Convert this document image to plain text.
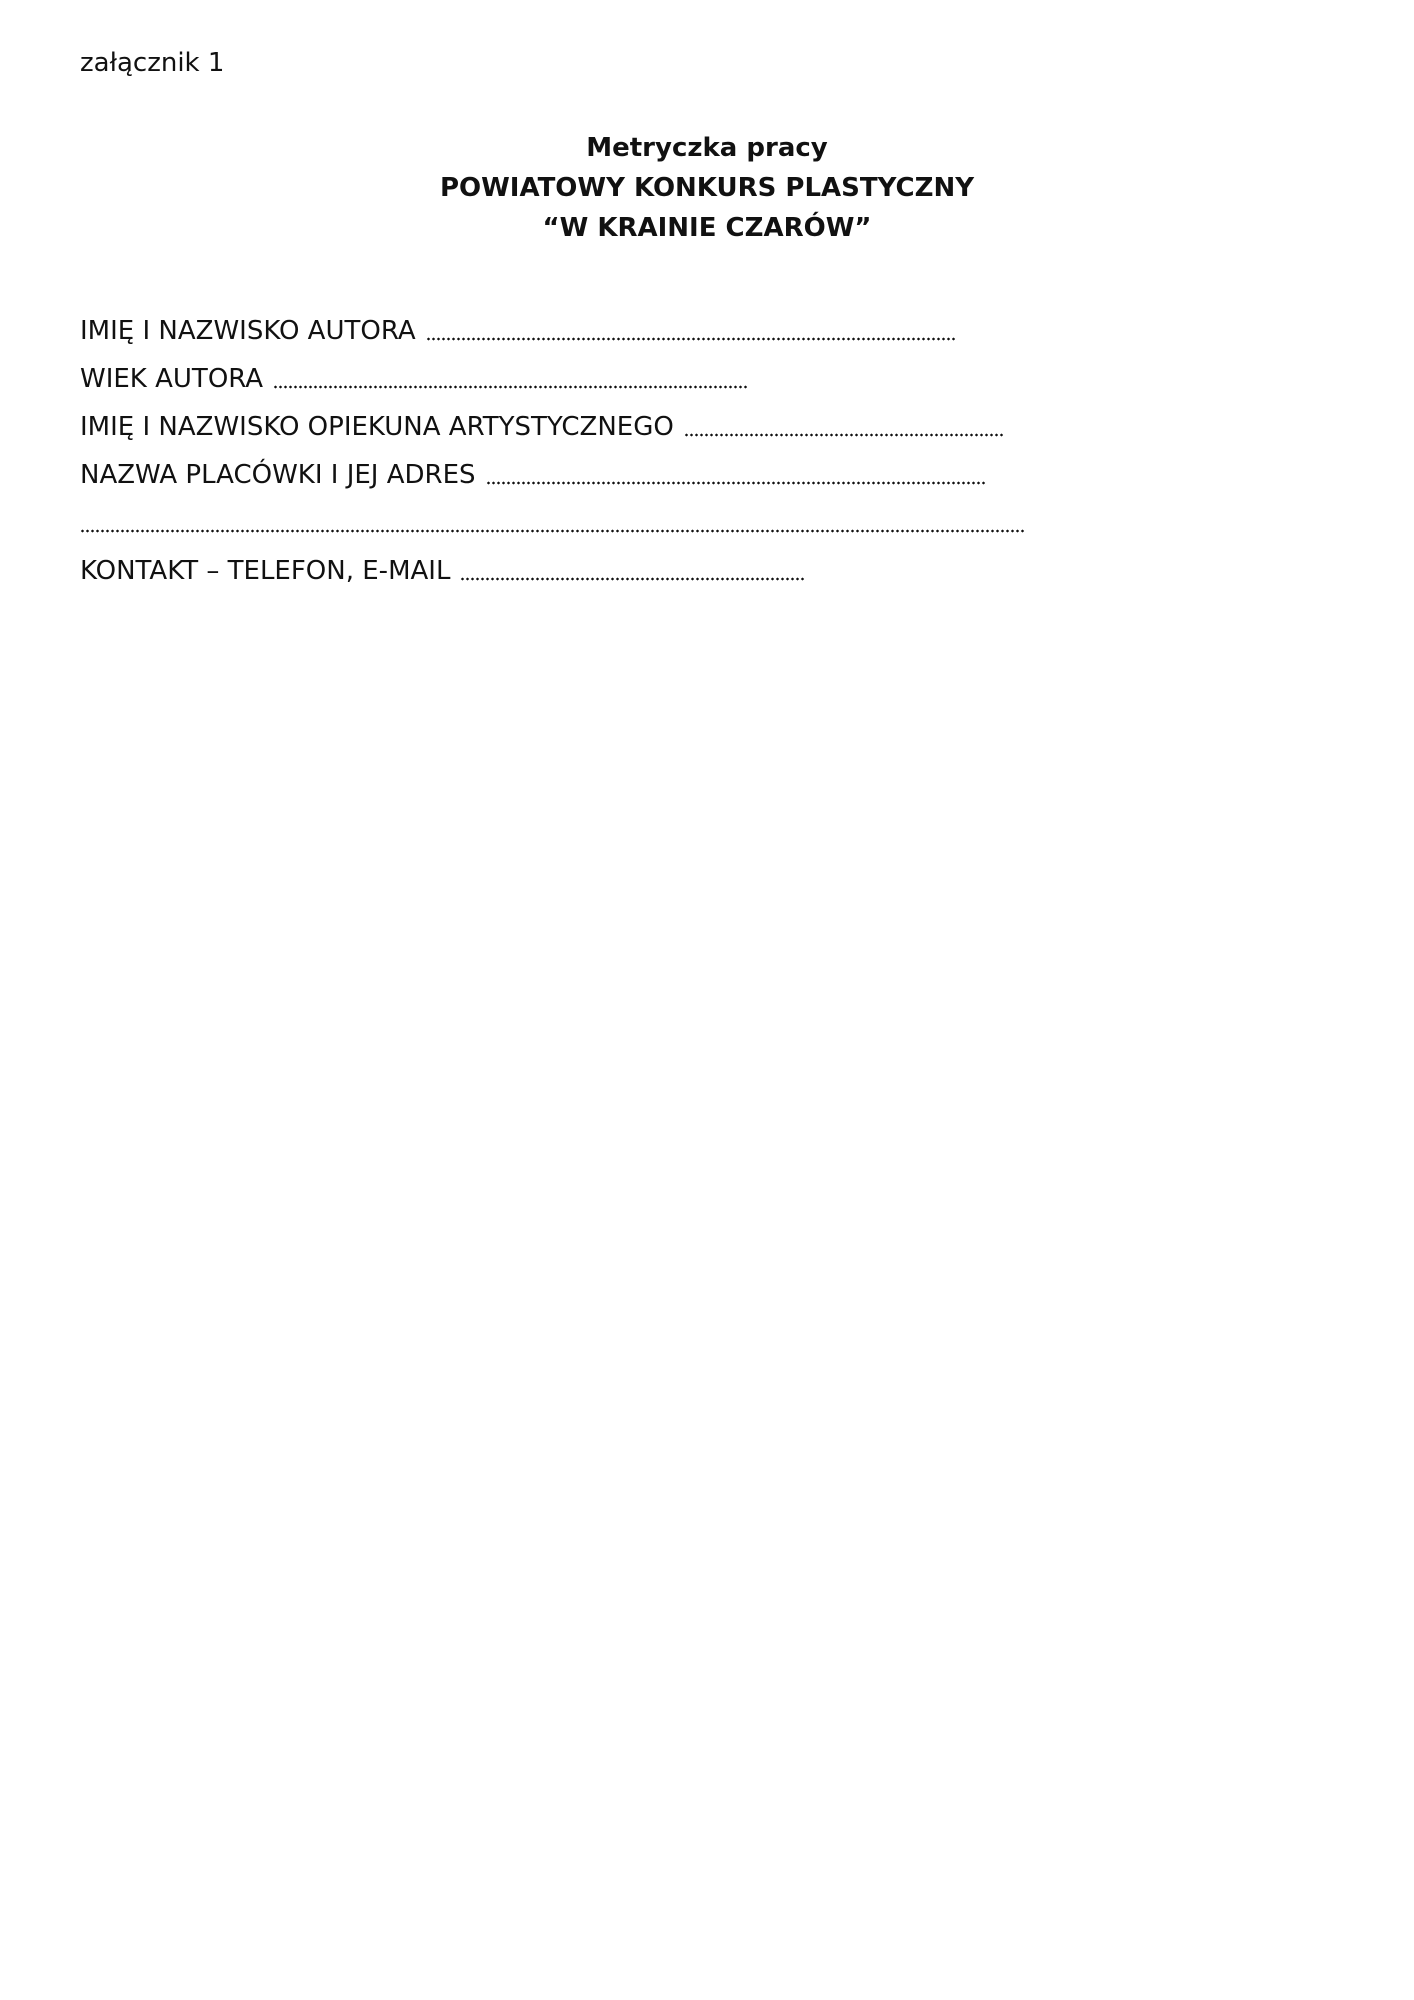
załącznik 1
Metryczka pracy
POWIATOWY KONKURS PLASTYCZNY
“W KRAINIE CZARÓW”
IMIĘ I NAZWISKO AUTORA
WIEK AUTORA
IMIĘ I NAZWISKO OPIEKUNA ARTYSTYCZNEGO
NAZWA PLACÓWKI I JEJ ADRES
KONTAKT – TELEFON, E-MAIL
